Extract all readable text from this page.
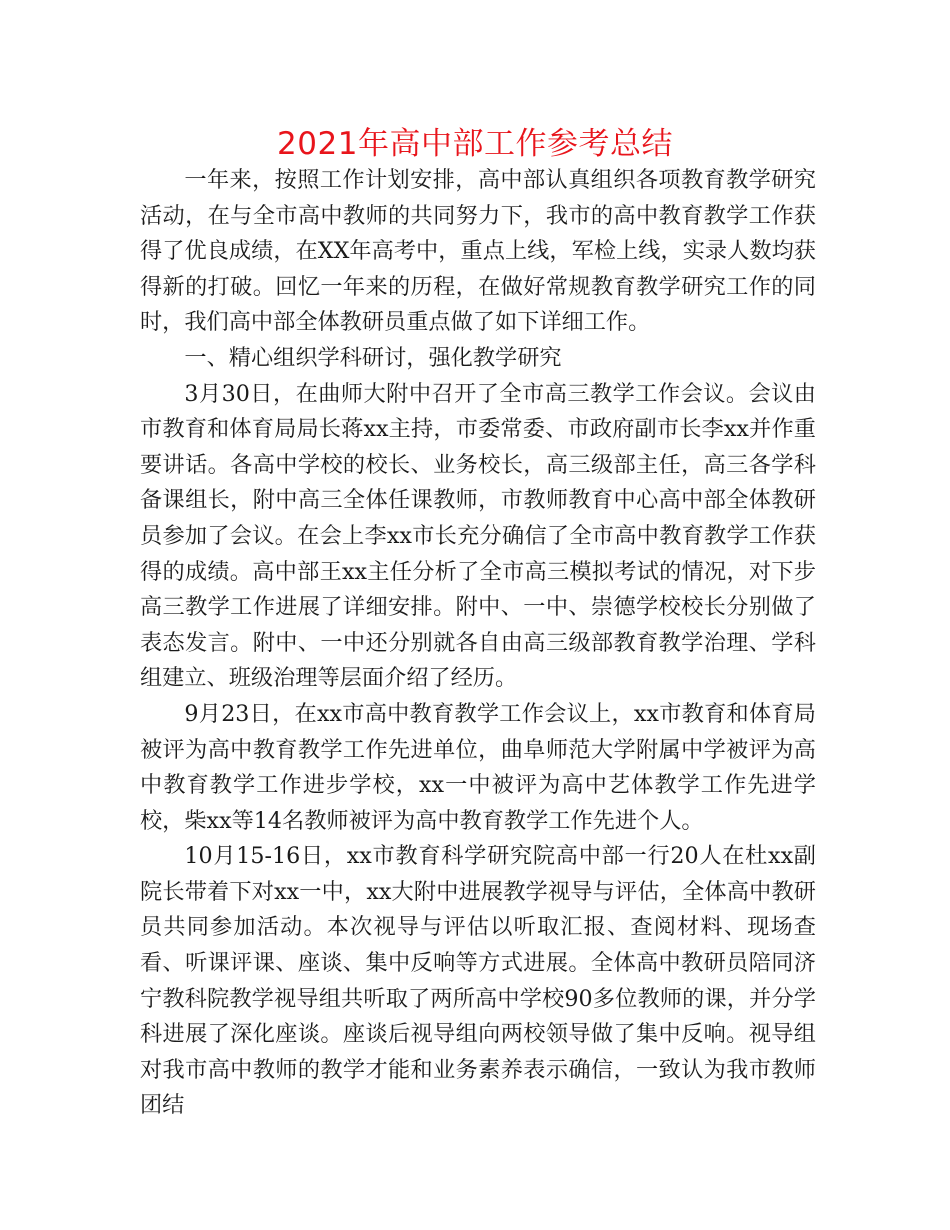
2021年高中部工作参考总结

一年来，按照工作计划安排，高中部认真组织各项教育教学研究活动，在与全市高中教师的共同努力下，我市的高中教育教学工作获得了优良成绩，在XX年高考中，重点上线，军检上线，实录人数均获得新的打破。回忆一年来的历程，在做好常规教育教学研究工作的同时，我们高中部全体教研员重点做了如下详细工作。

一、精心组织学科研讨，强化教学研究

3月30日，在曲师大附中召开了全市高三教学工作会议。会议由市教育和体育局局长蒋xx主持，市委常委、市政府副市长李xx并作重要讲话。各高中学校的校长、业务校长，高三级部主任，高三各学科备课组长，附中高三全体任课教师，市教师教育中心高中部全体教研员参加了会议。在会上李xx市长充分确信了全市高中教育教学工作获得的成绩。高中部王xx主任分析了全市高三模拟考试的情况，对下步高三教学工作进展了详细安排。附中、一中、崇德学校校长分别做了表态发言。附中、一中还分别就各自由高三级部教育教学治理、学科组建立、班级治理等层面介绍了经历。

9月23日，在xx市高中教育教学工作会议上，xx市教育和体育局被评为高中教育教学工作先进单位，曲阜师范大学附属中学被评为高中教育教学工作进步学校，xx一中被评为高中艺体教学工作先进学校，柴xx等14名教师被评为高中教育教学工作先进个人。

10月15-16日，xx市教育科学研究院高中部一行20人在杜xx副院长带着下对xx一中，xx大附中进展教学视导与评估，全体高中教研员共同参加活动。本次视导与评估以听取汇报、查阅材料、现场查看、听课评课、座谈、集中反响等方式进展。全体高中教研员陪同济宁教科院教学视导组共听取了两所高中学校90多位教师的课，并分学科进展了深化座谈。座谈后视导组向两校领导做了集中反响。视导组对我市高中教师的教学才能和业务素养表示确信，一致认为我市教师团结
